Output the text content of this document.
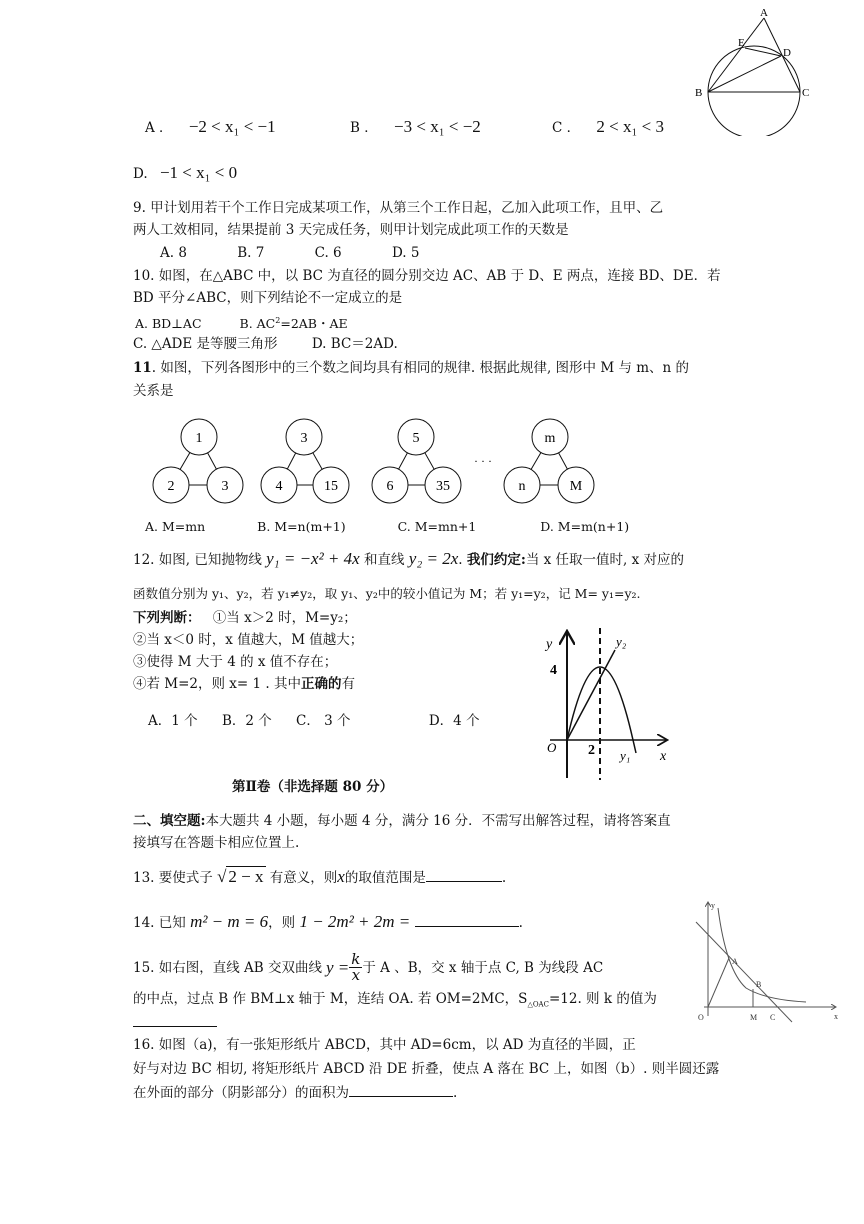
A
E
D
B	C
A ． −2 < x₁ < −1	B ． −3 < x₁ < −2	C ． 2 < x₁ < 3
D. −1 < x₁ < 0
9. 甲计划用若干个工作日完成某项工作，从第三个工作日起，乙加入此项工作，且甲、乙
两人工效相同，结果提前 3 天完成任务，则甲计划完成此项工作的天数是
A. 8	B. 7	C. 6	D. 5
10. 如图，在△ABC 中，以 BC 为直径的圆分别交边 AC、AB 于 D、E 两点，连接 BD、DE．若
BD 平分∠ABC，则下列结论不一定成立的是
A. BD⊥AC	B. $AC^2=2AB$・AE
C. △ADE 是等腰三角形	D. BC＝2AD.
11. 如图，下列各图形中的三个数之间均具有相同的规律. 根据此规律, 图形中 M 与 m、n 的
关系是
1
2	3
3
4	15
5
6	35
· · ·
m
n	M
A. M=mn	B. M=n(m+1)	C. M=mn+1	D. M=m(n+1)
12. 如图, 已知抛物线 y₁ = −x² + 4x 和直线 y₂ = 2x. 我们约定:当 x 任取一值时, x 对应的
函数值分别为 y₁、y₂，若 y₁≠y₂，取 y₁、y₂中的较小值记为 M；若 y₁=y₂，记 M= y₁=y₂.
下列判断： ①当 x＞2 时，M=y₂；
②当 x＜0 时，x 值越大，M 值越大；
③使得 M 大于 4 的 x 值不存在；
④若 M=2，则 x= 1 . 其中正确的有
A．1 个 B．2 个 C． 3 个	D．4 个
y
x
O
4
2 y₁
y₂
第Ⅱ卷（非选择题 80 分）
二、填空题:本大题共 4 小题，每小题 4 分，满分 16 分．不需写出解答过程，请将答案直
接填写在答题卡相应位置上.
13. 要使式子 √ 2 − x 有意义，则x的取值范围是	.
14. 已知 m² − m = 6，则 1 − 2m² + 2m =	.
y
x
O
A
B
M C
15. 如右图，直线 AB 交双曲线 $y = \frac{k}{x}$ 于 A 、B，交 x 轴于点 C, B 为线段 AC
的中点，过点 B 作 BM⊥x 轴于 M，连结 OA. 若 OM=2MC，$S_{\triangle OAC}=12$. 则 k 的值为
16. 如图（a)，有一张矩形纸片 ABCD，其中 AD=6cm，以 AD 为直径的半圆，正
好与对边 BC 相切, 将矩形纸片 ABCD 沿 DE 折叠，使点 A 落在 BC 上，如图（b）. 则半圆还露
在外面的部分（阴影部分）的面积为	.
